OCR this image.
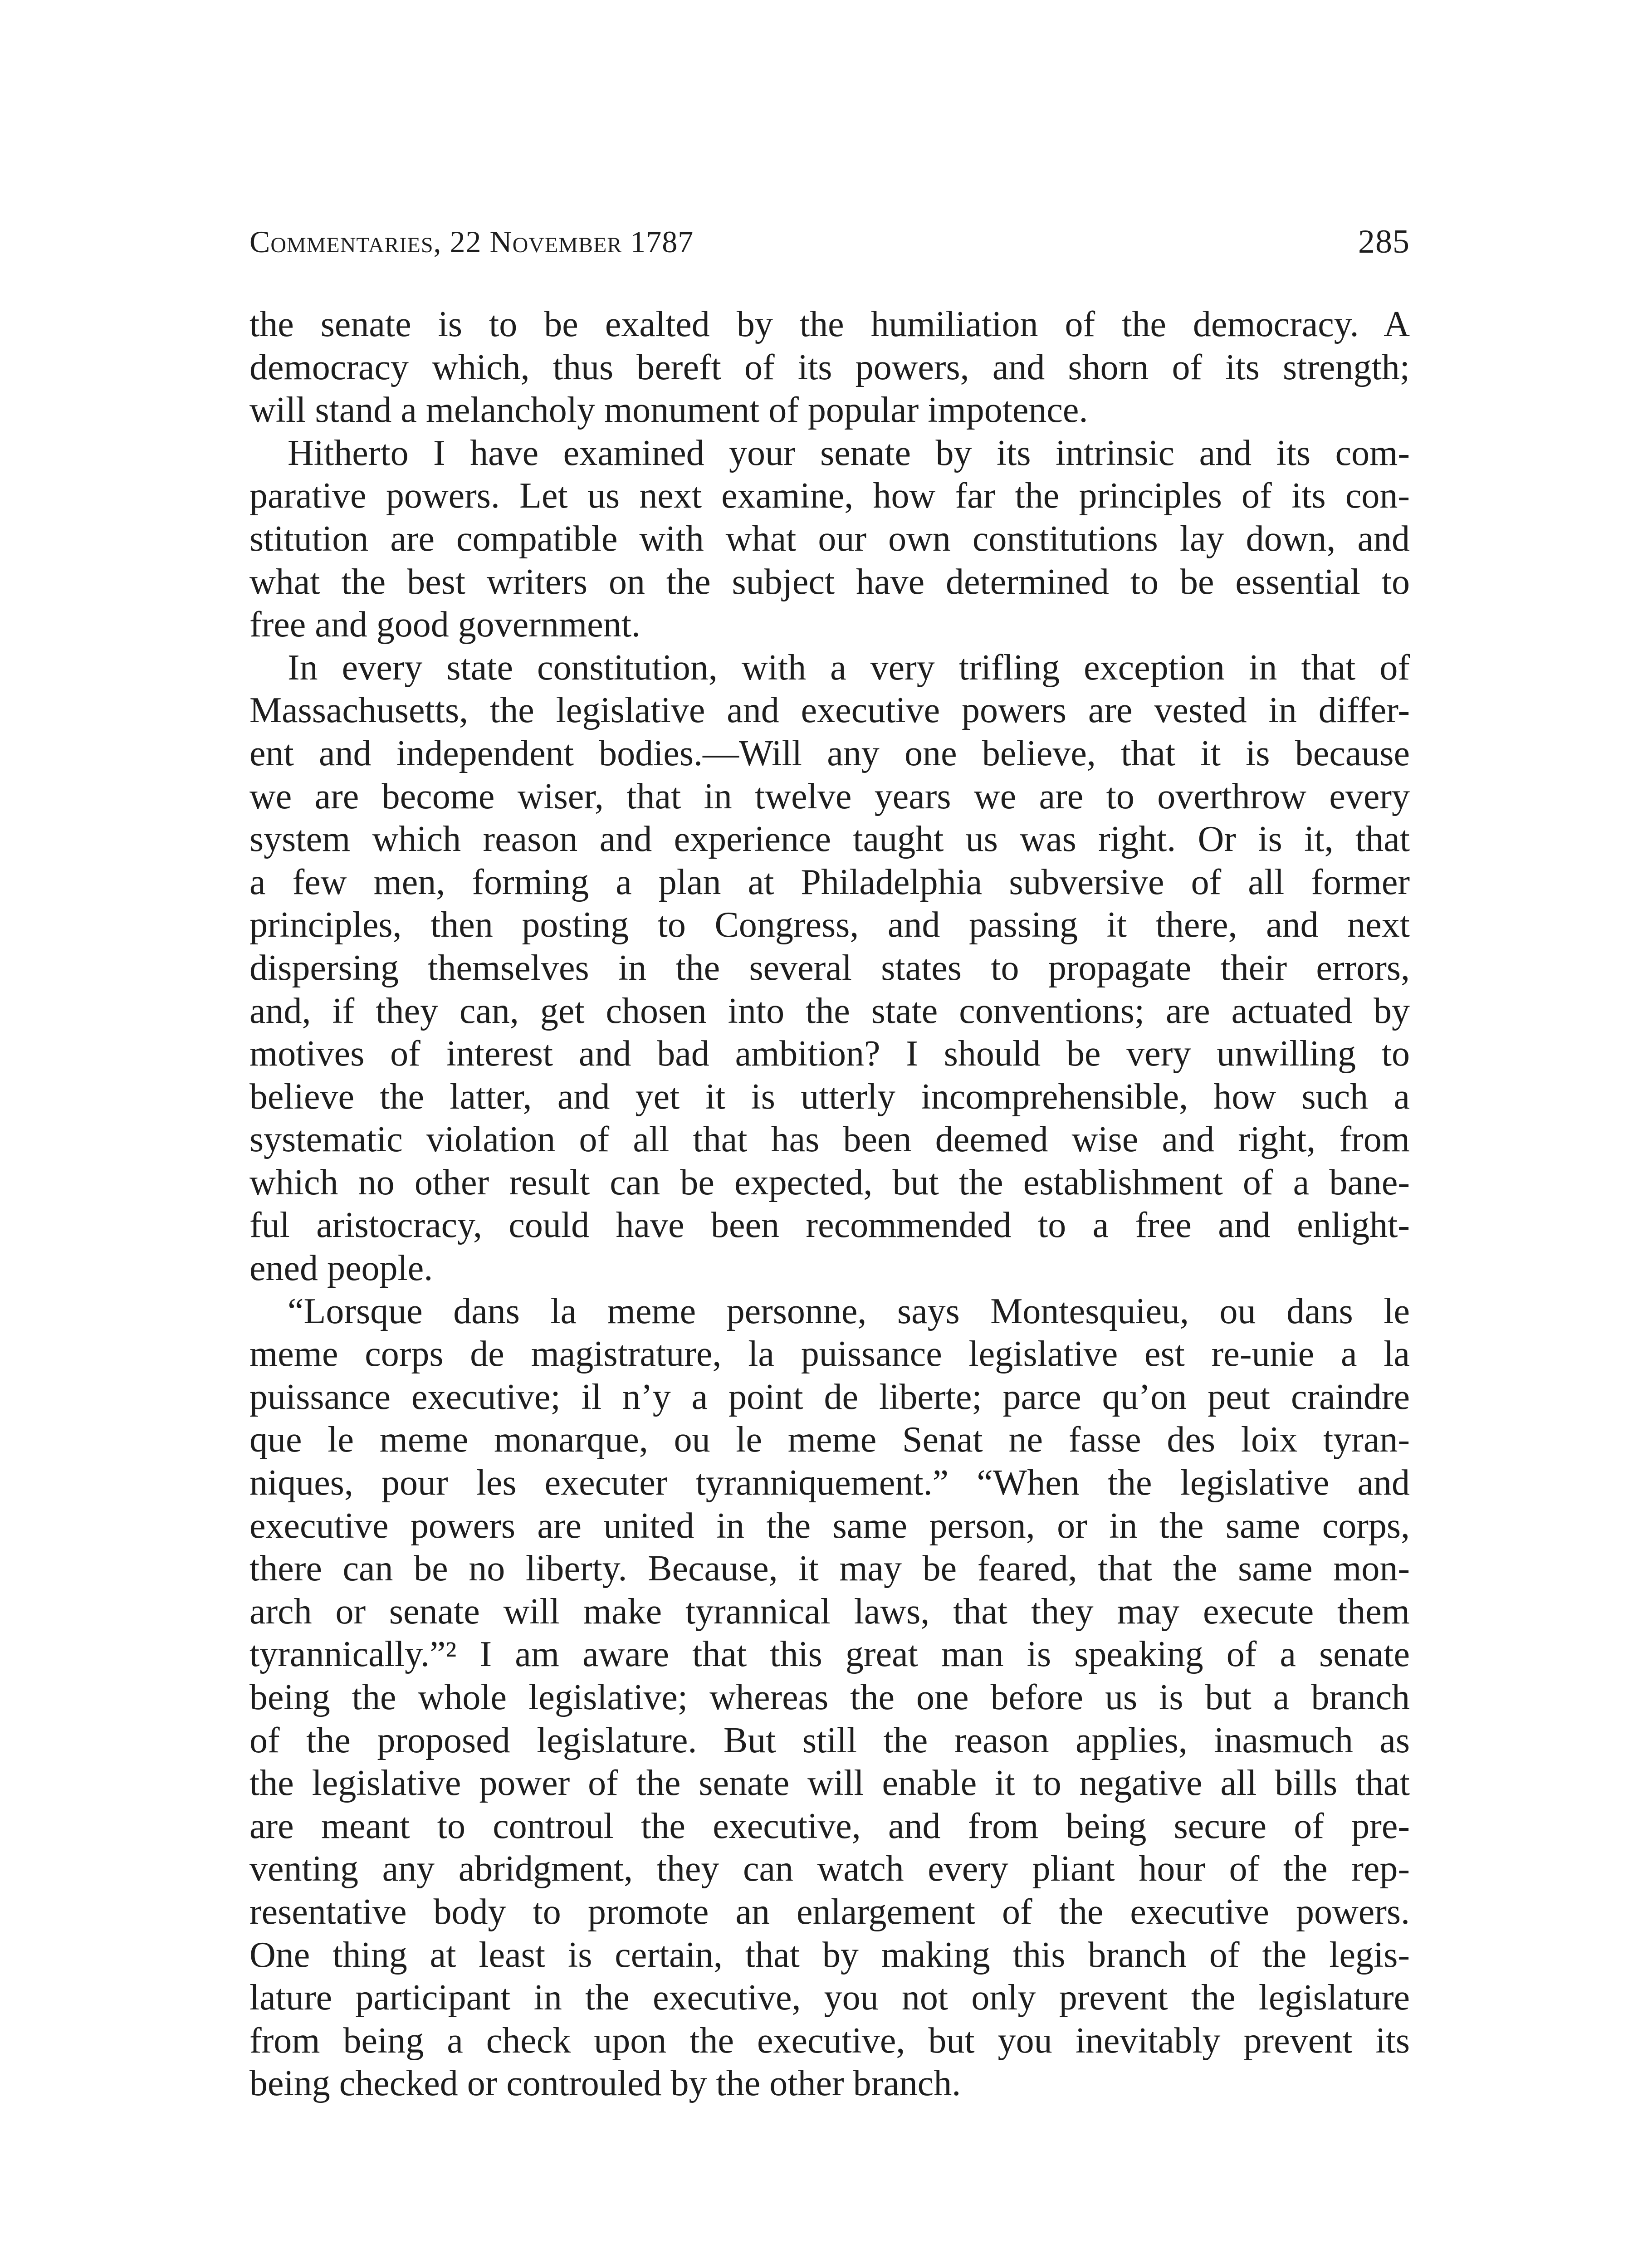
Commentaries, 22 November 1787	285
the senate is to be exalted by the humiliation of the democracy. A
democracy which, thus bereft of its powers, and shorn of its strength;
will stand a melancholy monument of popular impotence.
Hitherto I have examined your senate by its intrinsic and its com-
parative powers. Let us next examine, how far the principles of its con-
stitution are compatible with what our own constitutions lay down, and
what the best writers on the subject have determined to be essential to
free and good government.
In every state constitution, with a very trifling exception in that of
Massachusetts, the legislative and executive powers are vested in differ-
ent and independent bodies.—Will any one believe, that it is because
we are become wiser, that in twelve years we are to overthrow every
system which reason and experience taught us was right. Or is it, that
a few men, forming a plan at Philadelphia subversive of all former
principles, then posting to Congress, and passing it there, and next
dispersing themselves in the several states to propagate their errors,
and, if they can, get chosen into the state conventions; are actuated by
motives of interest and bad ambition? I should be very unwilling to
believe the latter, and yet it is utterly incomprehensible, how such a
systematic violation of all that has been deemed wise and right, from
which no other result can be expected, but the establishment of a bane-
ful aristocracy, could have been recommended to a free and enlight-
ened people.
“Lorsque dans la meme personne, says Montesquieu, ou dans le
meme corps de magistrature, la puissance legislative est re-unie a la
puissance executive; il n’y a point de liberte; parce qu’on peut craindre
que le meme monarque, ou le meme Senat ne fasse des loix tyran-
niques, pour les executer tyranniquement.” “When the legislative and
executive powers are united in the same person, or in the same corps,
there can be no liberty. Because, it may be feared, that the same mon-
arch or senate will make tyrannical laws, that they may execute them
tyrannically.”² I am aware that this great man is speaking of a senate
being the whole legislative; whereas the one before us is but a branch
of the proposed legislature. But still the reason applies, inasmuch as
the legislative power of the senate will enable it to negative all bills that
are meant to controul the executive, and from being secure of pre-
venting any abridgment, they can watch every pliant hour of the rep-
resentative body to promote an enlargement of the executive powers.
One thing at least is certain, that by making this branch of the legis-
lature participant in the executive, you not only prevent the legislature
from being a check upon the executive, but you inevitably prevent its
being checked or controuled by the other branch.
